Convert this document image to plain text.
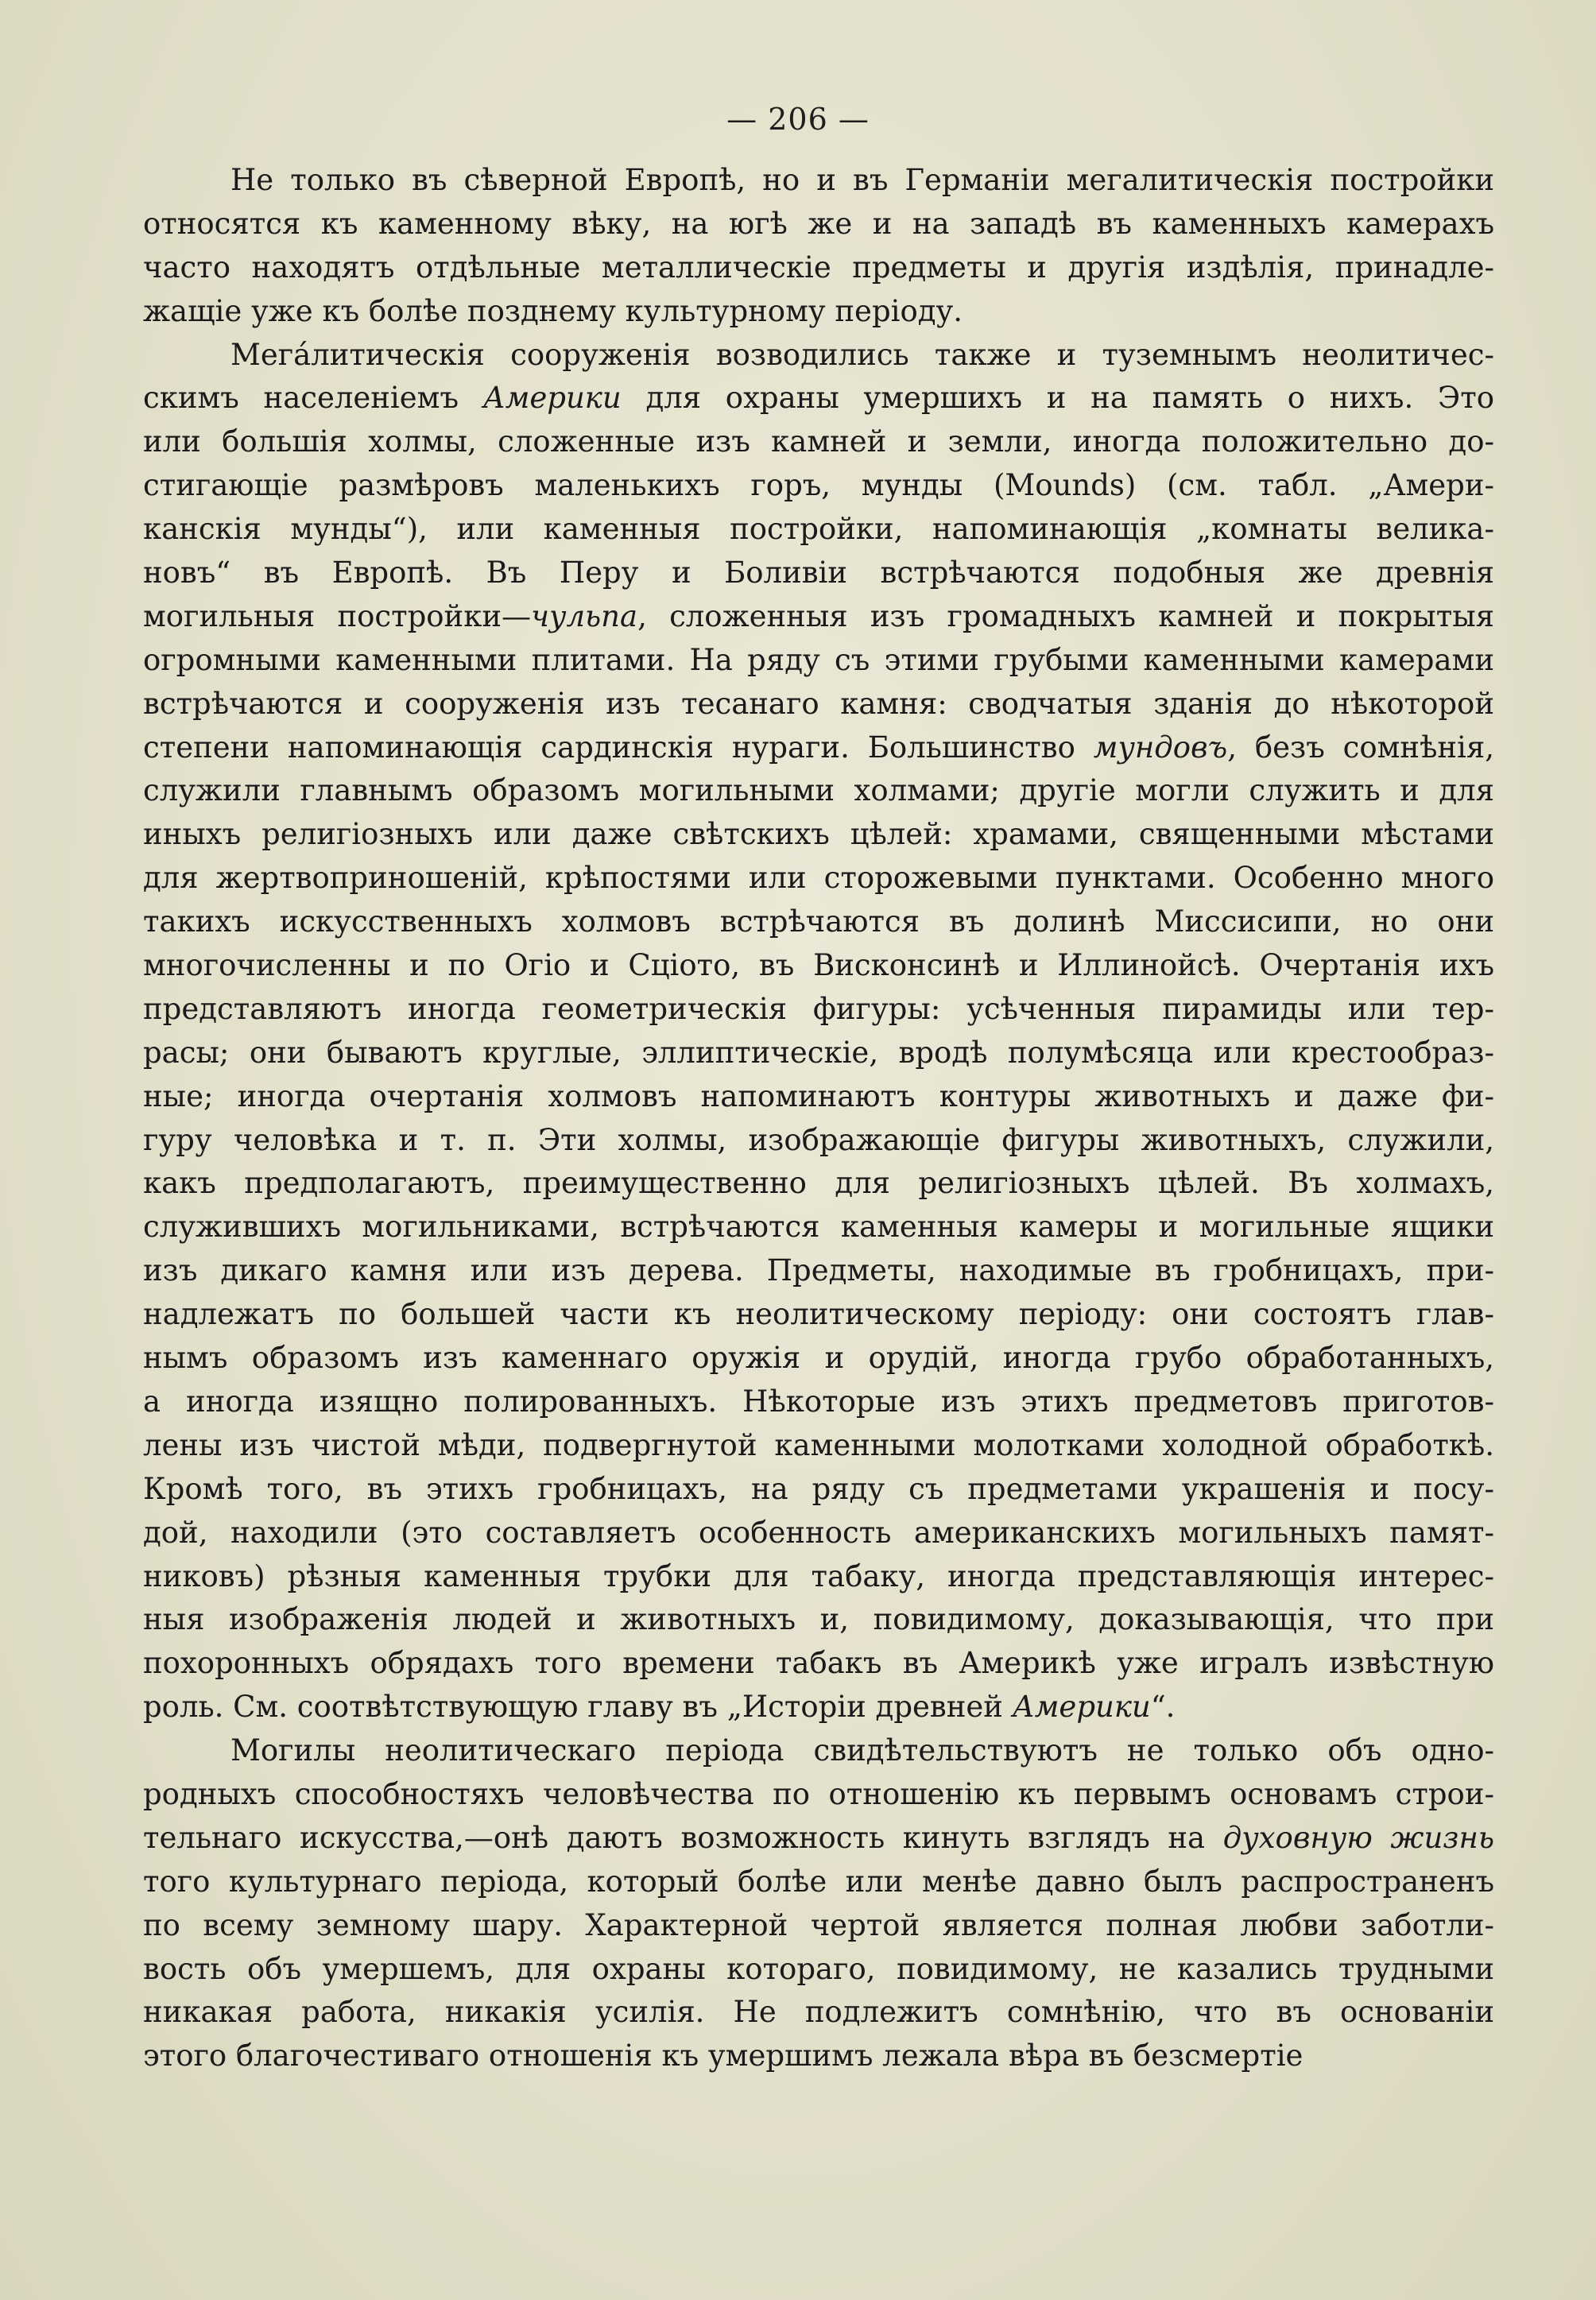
— 206 —
Не только въ сѣверной Европѣ, но и въ Германіи мегалитическія постройки
относятся къ каменному вѣку, на югѣ же и на западѣ въ каменныхъ камерахъ
часто находятъ отдѣльные металлическіе предметы и другія издѣлія, принадле-
жащіе уже къ болѣе позднему культурному періоду.
Мега́литическія сооруженія возводились также и туземнымъ неолитичес-
скимъ населеніемъ Америки для охраны умершихъ и на память о нихъ. Это
или большія холмы, сложенные изъ камней и земли, иногда положительно до-
стигающіе размѣровъ маленькихъ горъ, мунды (Mounds) (см. табл. „Амери-
канскія мунды“), или каменныя постройки, напоминающія „комнаты велика-
новъ“ въ Европѣ. Въ Перу и Боливіи встрѣчаются подобныя же древнія
могильныя постройки—чульпа, сложенныя изъ громадныхъ камней и покрытыя
огромными каменными плитами. На ряду съ этими грубыми каменными камерами
встрѣчаются и сооруженія изъ тесанаго камня: сводчатыя зданія до нѣкоторой
степени напоминающія сардинскія нураги. Большинство мундовъ, безъ сомнѣнія,
служили главнымъ образомъ могильными холмами; другіе могли служить и для
иныхъ религіозныхъ или даже свѣтскихъ цѣлей: храмами, священными мѣстами
для жертвоприношеній, крѣпостями или сторожевыми пунктами. Особенно много
такихъ искусственныхъ холмовъ встрѣчаются въ долинѣ Миссисипи, но они
многочисленны и по Огіо и Сціото, въ Висконсинѣ и Иллинойсѣ. Очертанія ихъ
представляютъ иногда геометрическія фигуры: усѣченныя пирамиды или тер-
расы; они бываютъ круглые, эллиптическіе, вродѣ полумѣсяца или крестообраз-
ные; иногда очертанія холмовъ напоминаютъ контуры животныхъ и даже фи-
гуру человѣка и т. п. Эти холмы, изображающіе фигуры животныхъ, служили,
какъ предполагаютъ, преимущественно для религіозныхъ цѣлей. Въ холмахъ,
служившихъ могильниками, встрѣчаются каменныя камеры и могильные ящики
изъ дикаго камня или изъ дерева. Предметы, находимые въ гробницахъ, при-
надлежатъ по большей части къ неолитическому періоду: они состоятъ глав-
нымъ образомъ изъ каменнаго оружія и орудій, иногда грубо обработанныхъ,
а иногда изящно полированныхъ. Нѣкоторые изъ этихъ предметовъ приготов-
лены изъ чистой мѣди, подвергнутой каменными молотками холодной обработкѣ.
Кромѣ того, въ этихъ гробницахъ, на ряду съ предметами украшенія и посу-
дой, находили (это составляетъ особенность американскихъ могильныхъ памят-
никовъ) рѣзныя каменныя трубки для табаку, иногда представляющія интерес-
ныя изображенія людей и животныхъ и, повидимому, доказывающія, что при
похоронныхъ обрядахъ того времени табакъ въ Америкѣ уже игралъ извѣстную
роль. См. соотвѣтствующую главу въ „Исторіи древней Америки“.
Могилы неолитическаго періода свидѣтельствуютъ не только объ одно-
родныхъ способностяхъ человѣчества по отношенію къ первымъ основамъ строи-
тельнаго искусства,—онѣ даютъ возможность кинуть взглядъ на духовную жизнь
того культурнаго періода, который болѣе или менѣе давно былъ распространенъ
по всему земному шару. Характерной чертой является полная любви заботли-
вость объ умершемъ, для охраны котораго, повидимому, не казались трудными
никакая работа, никакія усилія. Не подлежитъ сомнѣнію, что въ основаніи
этого благочестиваго отношенія къ умершимъ лежала вѣра въ безсмертіе
